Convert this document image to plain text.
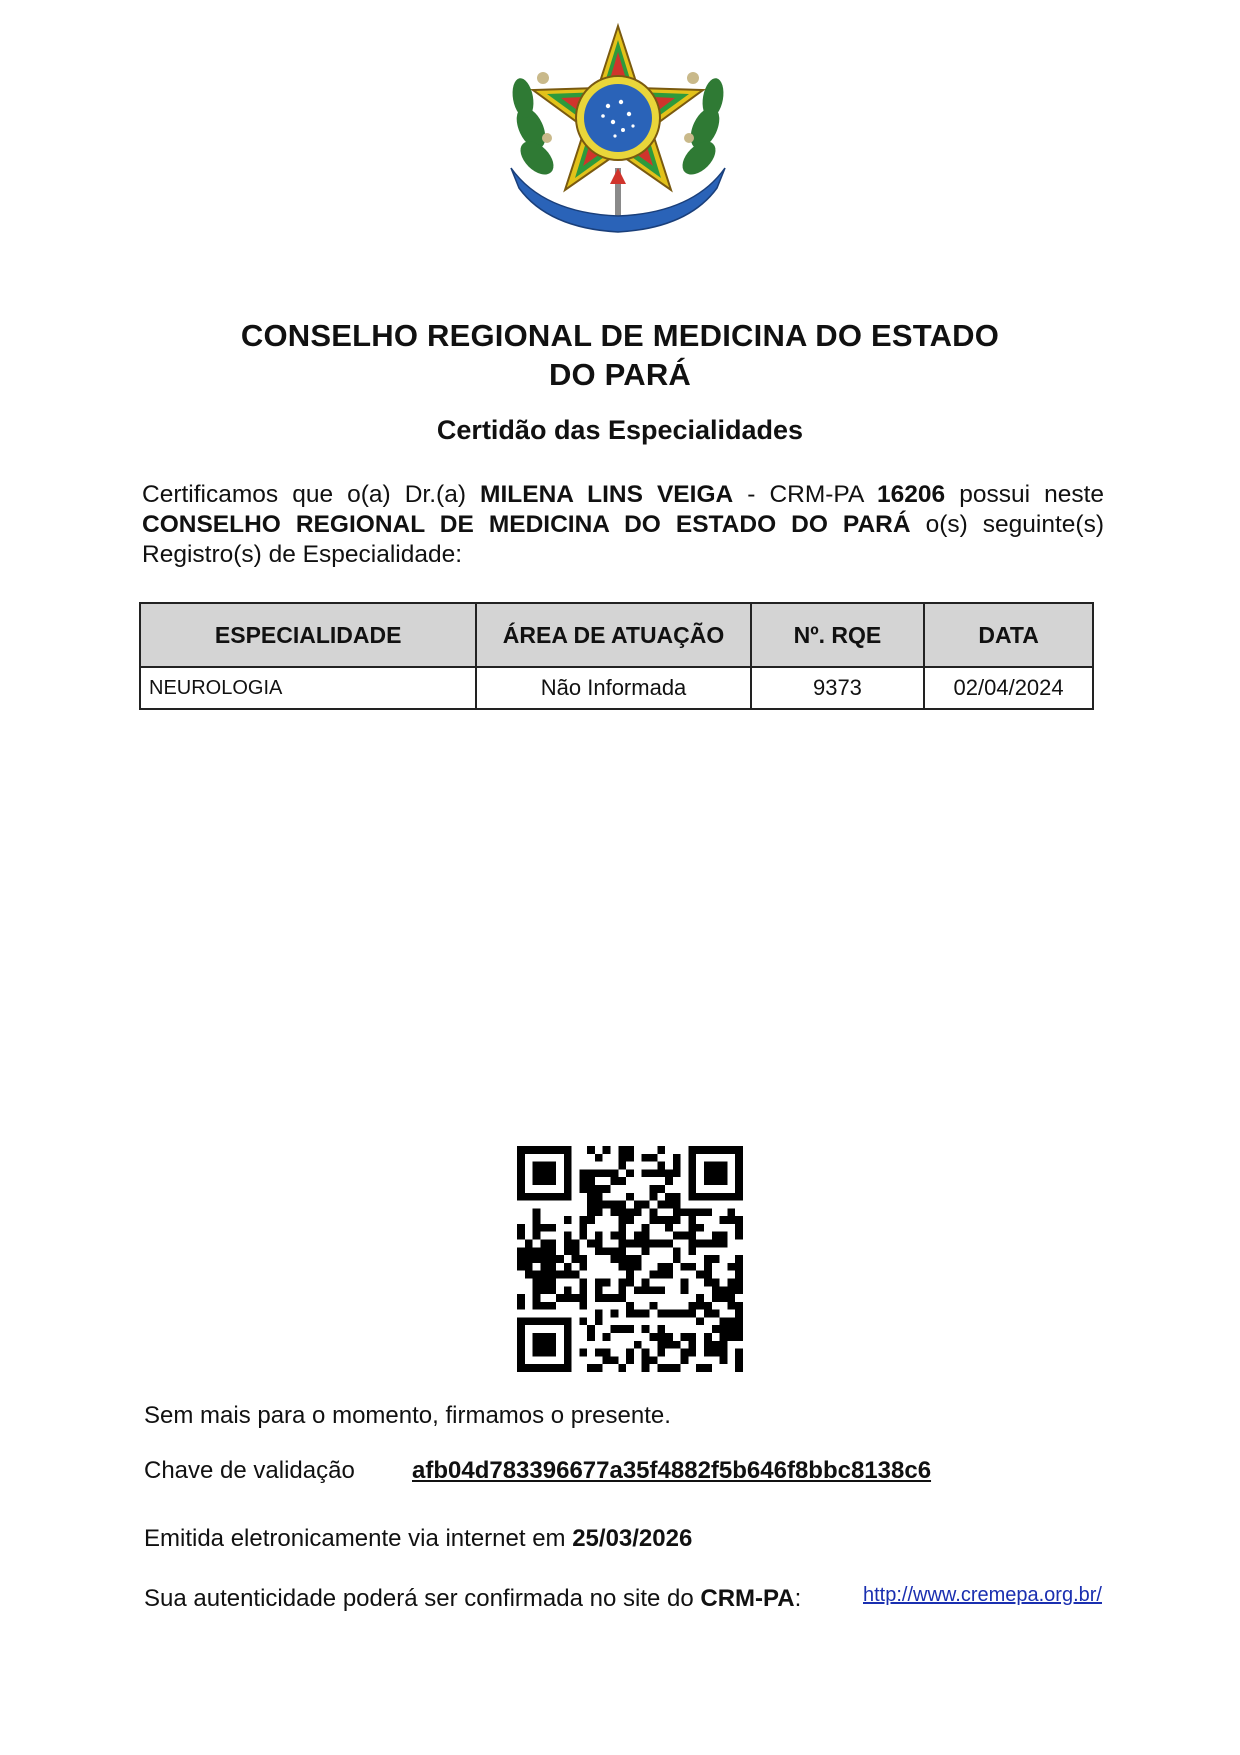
CONSELHO REGIONAL DE MEDICINA DO ESTADO
DO PARÁ
Certidão das Especialidades
Certificamos que o(a) Dr.(a) MILENA LINS VEIGA - CRM-PA 16206 possui neste CONSELHO REGIONAL DE MEDICINA DO ESTADO DO PARÁ o(s) seguinte(s) Registro(s) de Especialidade:
ESPECIALIDADE	ÁREA DE ATUAÇÃO	Nº. RQE	DATA
NEUROLOGIA	Não Informada	9373	02/04/2024
Sem mais para o momento, firmamos o presente.
Chave de validação afb04d783396677a35f4882f5b646f8bbc8138c6
Emitida eletronicamente via internet em 25/03/2026
Sua autenticidade poderá ser confirmada no site do CRM-PA:	http://www.cremepa.org.br/
